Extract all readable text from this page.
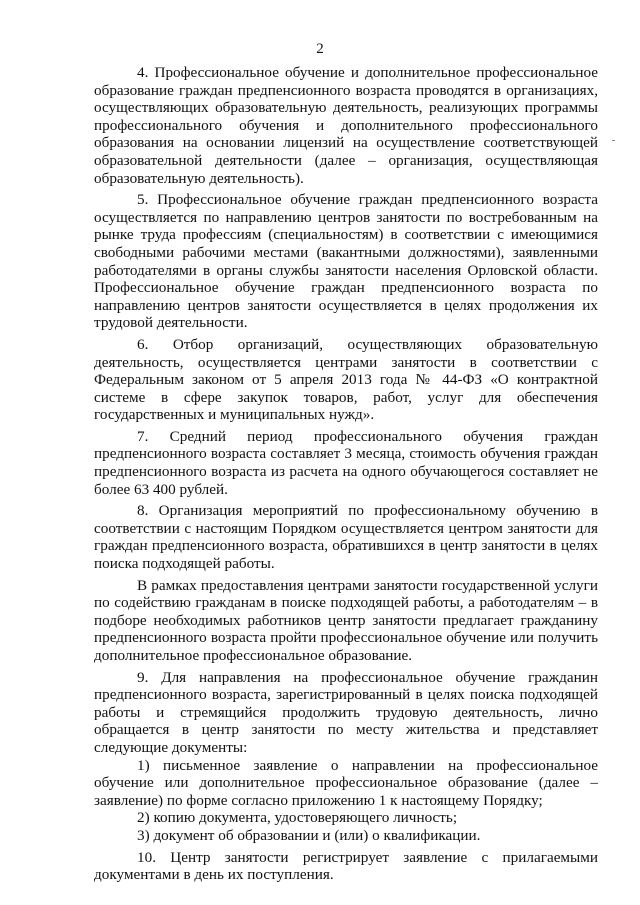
2

4. Профессиональное обучение и дополнительное профессиональное образование граждан предпенсионного возраста проводятся в организациях, осуществляющих образовательную деятельность, реализующих программы профессионального обучения и дополнительного профессионального образования на основании лицензий на осуществление соответствующей образовательной деятельности (далее – организация, осуществляющая образовательную деятельность).

5. Профессиональное обучение граждан предпенсионного возраста осуществляется по направлению центров занятости по востребованным на рынке труда профессиям (специальностям) в соответствии с имеющимися свободными рабочими местами (вакантными должностями), заявленными работодателями в органы службы занятости населения Орловской области. Профессиональное обучение граждан предпенсионного возраста по направлению центров занятости осуществляется в целях продолжения их трудовой деятельности.

6. Отбор организаций, осуществляющих образовательную деятельность, осуществляется центрами занятости в соответствии с Федеральным законом от 5 апреля 2013 года № 44-ФЗ «О контрактной системе в сфере закупок товаров, работ, услуг для обеспечения государственных и муниципальных нужд».

7. Средний период профессионального обучения граждан предпенсионного возраста составляет 3 месяца, стоимость обучения граждан предпенсионного возраста из расчета на одного обучающегося составляет не более 63 400 рублей.

8. Организация мероприятий по профессиональному обучению в соответствии с настоящим Порядком осуществляется центром занятости для граждан предпенсионного возраста, обратившихся в центр занятости в целях поиска подходящей работы.

В рамках предоставления центрами занятости государственной услуги по содействию гражданам в поиске подходящей работы, а работодателям – в подборе необходимых работников центр занятости предлагает гражданину предпенсионного возраста пройти профессиональное обучение или получить дополнительное профессиональное образование.

9. Для направления на профессиональное обучение гражданин предпенсионного возраста, зарегистрированный в целях поиска подходящей работы и стремящийся продолжить трудовую деятельность, лично обращается в центр занятости по месту жительства и представляет следующие документы:

1) письменное заявление о направлении на профессиональное обучение или дополнительное профессиональное образование (далее – заявление) по форме согласно приложению 1 к настоящему Порядку;

2) копию документа, удостоверяющего личность;

3) документ об образовании и (или) о квалификации.

10. Центр занятости регистрирует заявление с прилагаемыми документами в день их поступления.
